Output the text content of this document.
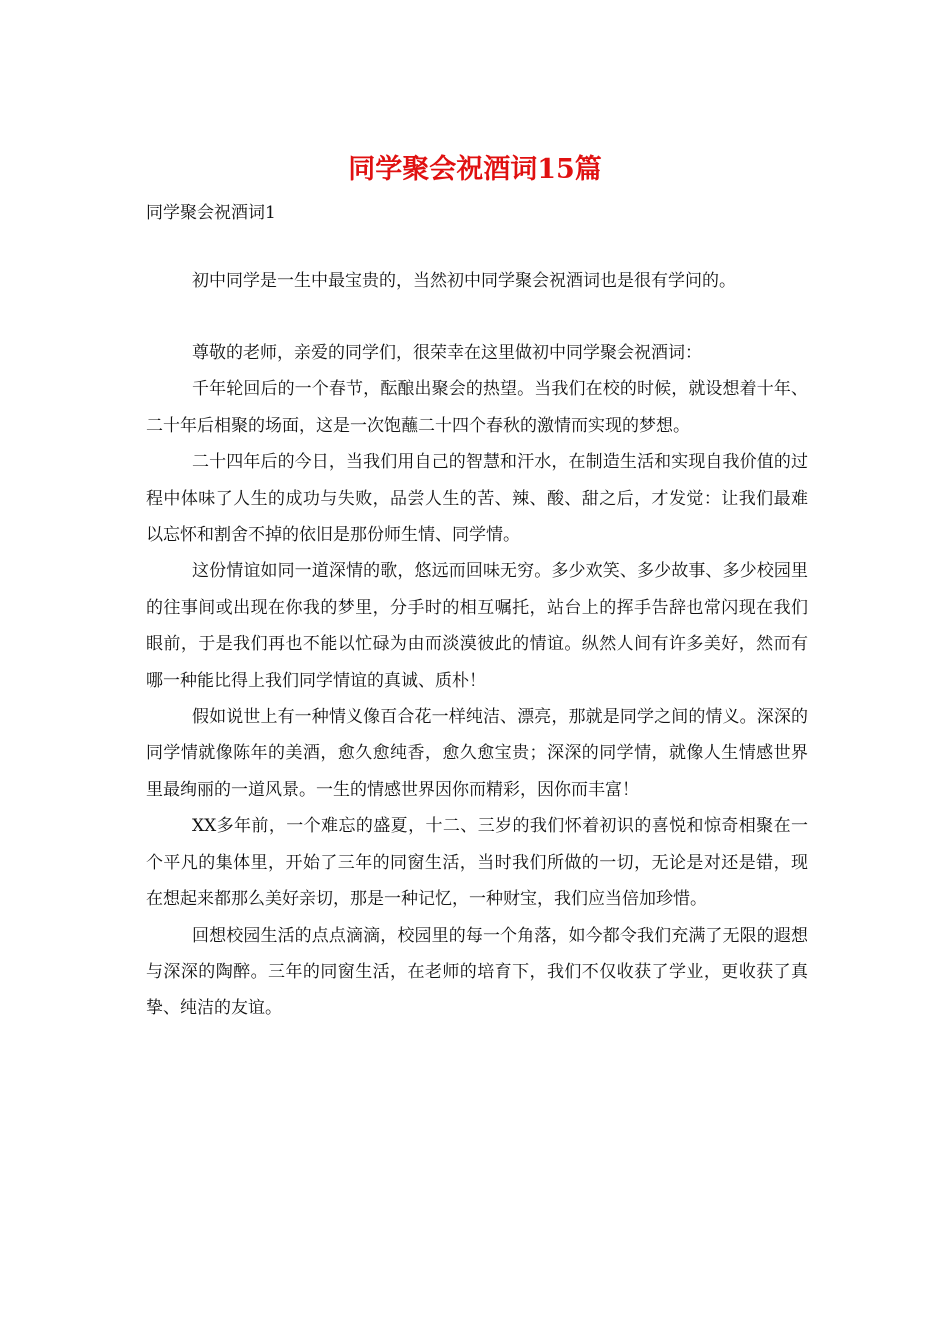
同学聚会祝酒词15篇
同学聚会祝酒词1

初中同学是一生中最宝贵的，当然初中同学聚会祝酒词也是很有学问的。

尊敬的老师，亲爱的同学们，很荣幸在这里做初中同学聚会祝酒词：

千年轮回后的一个春节，酝酿出聚会的热望。当我们在校的时候，就设想着十年、二十年后相聚的场面，这是一次饱蘸二十四个春秋的激情而实现的梦想。

二十四年后的今日，当我们用自己的智慧和汗水，在制造生活和实现自我价值的过程中体味了人生的成功与失败，品尝人生的苦、辣、酸、甜之后，才发觉：让我们最难以忘怀和割舍不掉的依旧是那份师生情、同学情。

这份情谊如同一道深情的歌，悠远而回味无穷。多少欢笑、多少故事、多少校园里的往事间或出现在你我的梦里，分手时的相互嘱托，站台上的挥手告辞也常闪现在我们眼前，于是我们再也不能以忙碌为由而淡漠彼此的情谊。纵然人间有许多美好，然而有哪一种能比得上我们同学情谊的真诚、质朴！

假如说世上有一种情义像百合花一样纯洁、漂亮，那就是同学之间的情义。深深的同学情就像陈年的美酒，愈久愈纯香，愈久愈宝贵；深深的同学情，就像人生情感世界里最绚丽的一道风景。一生的情感世界因你而精彩，因你而丰富！

XX多年前，一个难忘的盛夏，十二、三岁的我们怀着初识的喜悦和惊奇相聚在一个平凡的集体里，开始了三年的同窗生活，当时我们所做的一切，无论是对还是错，现在想起来都那么美好亲切，那是一种记忆，一种财宝，我们应当倍加珍惜。

回想校园生活的点点滴滴，校园里的每一个角落，如今都令我们充满了无限的遐想与深深的陶醉。三年的同窗生活，在老师的培育下，我们不仅收获了学业，更收获了真挚、纯洁的友谊。
